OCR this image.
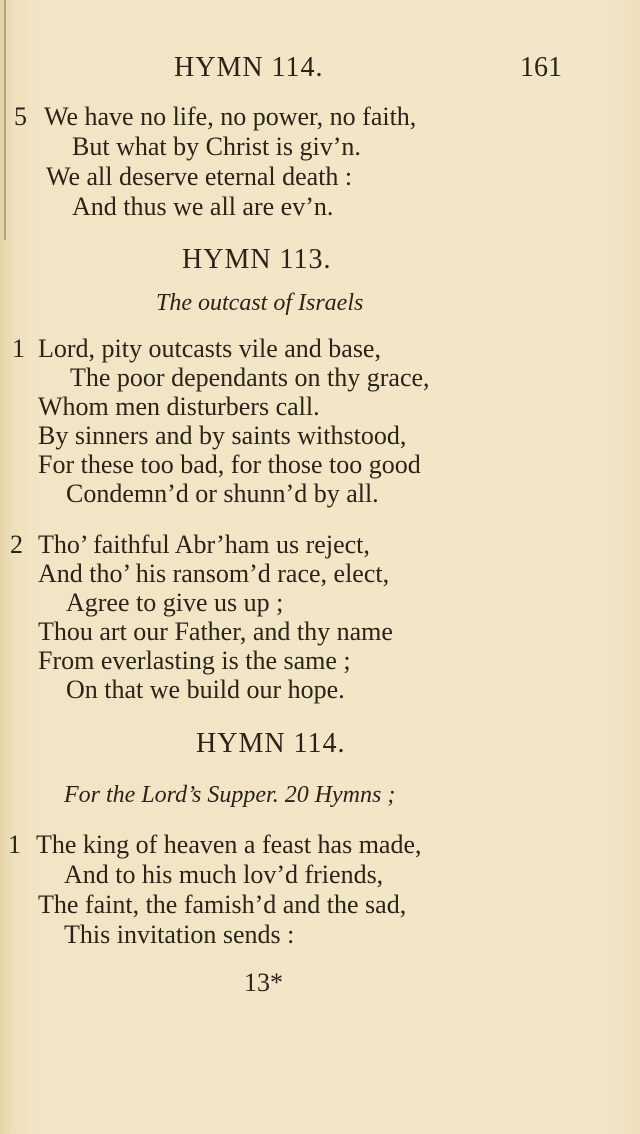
HYMN 114.	161
5 We have no life, no power, no faith,
But what by Christ is giv’n.
We all deserve eternal death :
And thus we all are ev’n.
HYMN 113.
The outcast of Israels
1 Lord, pity outcasts vile and base,
The poor dependants on thy grace,
Whom men disturbers call.
By sinners and by saints withstood,
For these too bad, for those too good
Condemn’d or shunn’d by all.
2 Tho’ faithful Abr’ham us reject,
And tho’ his ransom’d race, elect,
Agree to give us up ;
Thou art our Father, and thy name
From everlasting is the same ;
On that we build our hope.
HYMN 114.
For the Lord’s Supper. 20 Hymns ;
1 The king of heaven a feast has made,
And to his much lov’d friends,
The faint, the famish’d and the sad,
This invitation sends :
13*
